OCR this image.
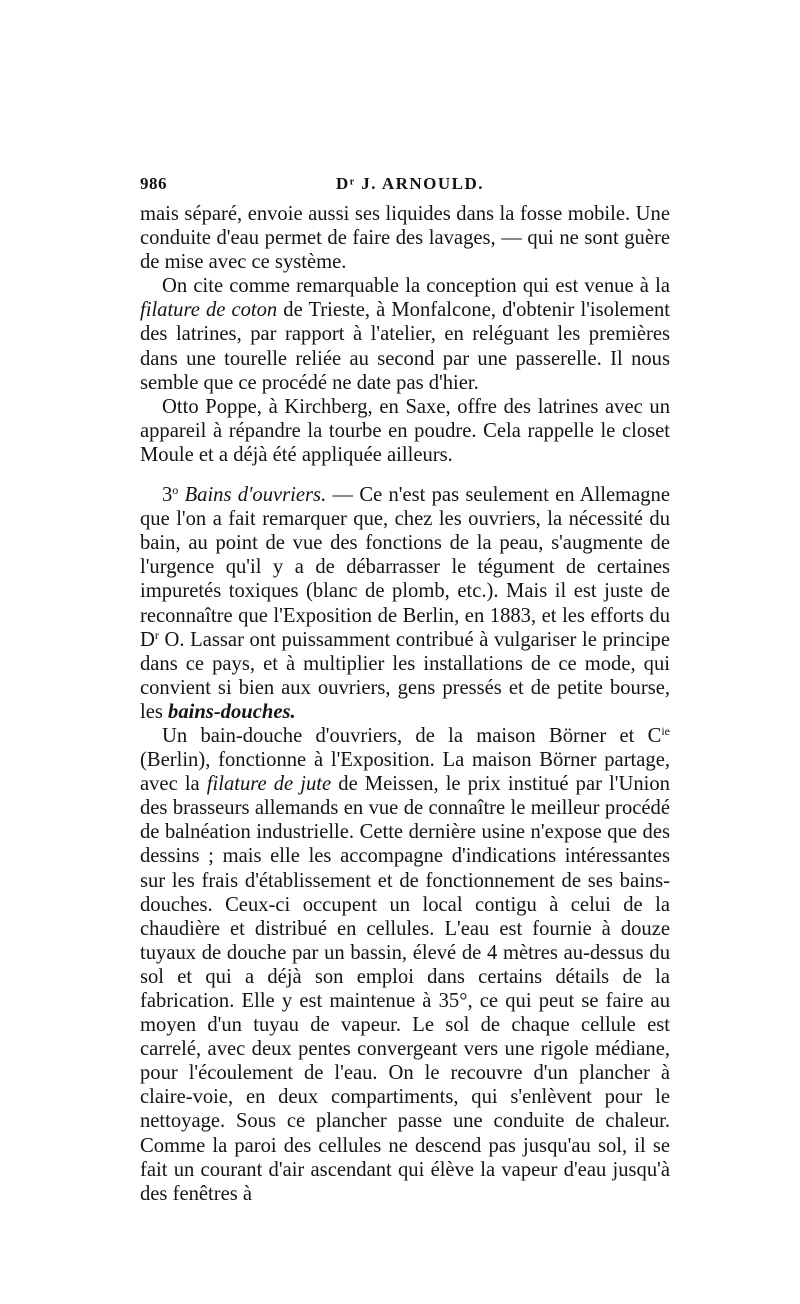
986	Dʳ J. ARNOULD.

mais séparé, envoie aussi ses liquides dans la fosse mobile. Une conduite d'eau permet de faire des lavages, — qui ne sont guère de mise avec ce système.

On cite comme remarquable la conception qui est venue à la filature de coton de Trieste, à Monfalcone, d'obtenir l'isolement des latrines, par rapport à l'atelier, en reléguant les premières dans une tourelle reliée au second par une passerelle. Il nous semble que ce procédé ne date pas d'hier.

Otto Poppe, à Kirchberg, en Saxe, offre des latrines avec un appareil à répandre la tourbe en poudre. Cela rappelle le closet Moule et a déjà été appliquée ailleurs.

3$^o$ Bains d'ouvriers. — Ce n'est pas seulement en Allemagne que l'on a fait remarquer que, chez les ouvriers, la nécessité du bain, au point de vue des fonctions de la peau, s'augmente de l'urgence qu'il y a de débarrasser le tégument de certaines impuretés toxiques (blanc de plomb, etc.). Mais il est juste de reconnaître que l'Exposition de Berlin, en 1883, et les efforts du $D^r$ O. Lassar ont puissamment contribué à vulgariser le principe dans ce pays, et à multiplier les installations de ce mode, qui convient si bien aux ouvriers, gens pressés et de petite bourse, les bains-douches.

Un bain-douche d'ouvriers, de la maison Börner et $C^{ie}$ (Berlin), fonctionne à l'Exposition. La maison Börner partage, avec la filature de jute de Meissen, le prix institué par l'Union des brasseurs allemands en vue de connaître le meilleur procédé de balnéation industrielle. Cette dernière usine n'expose que des dessins ; mais elle les accompagne d'indications intéressantes sur les frais d'établissement et de fonctionnement de ses bains-douches. Ceux-ci occupent un local contigu à celui de la chaudière et distribué en cellules. L'eau est fournie à douze tuyaux de douche par un bassin, élevé de 4 mètres au-dessus du sol et qui a déjà son emploi dans certains détails de la fabrication. Elle y est maintenue à 35°, ce qui peut se faire au moyen d'un tuyau de vapeur. Le sol de chaque cellule est carrelé, avec deux pentes convergeant vers une rigole médiane, pour l'écoulement de l'eau. On le recouvre d'un plancher à claire-voie, en deux compartiments, qui s'enlèvent pour le nettoyage. Sous ce plancher passe une conduite de chaleur. Comme la paroi des cellules ne descend pas jusqu'au sol, il se fait un courant d'air ascendant qui élève la vapeur d'eau jusqu'à des fenêtres à
